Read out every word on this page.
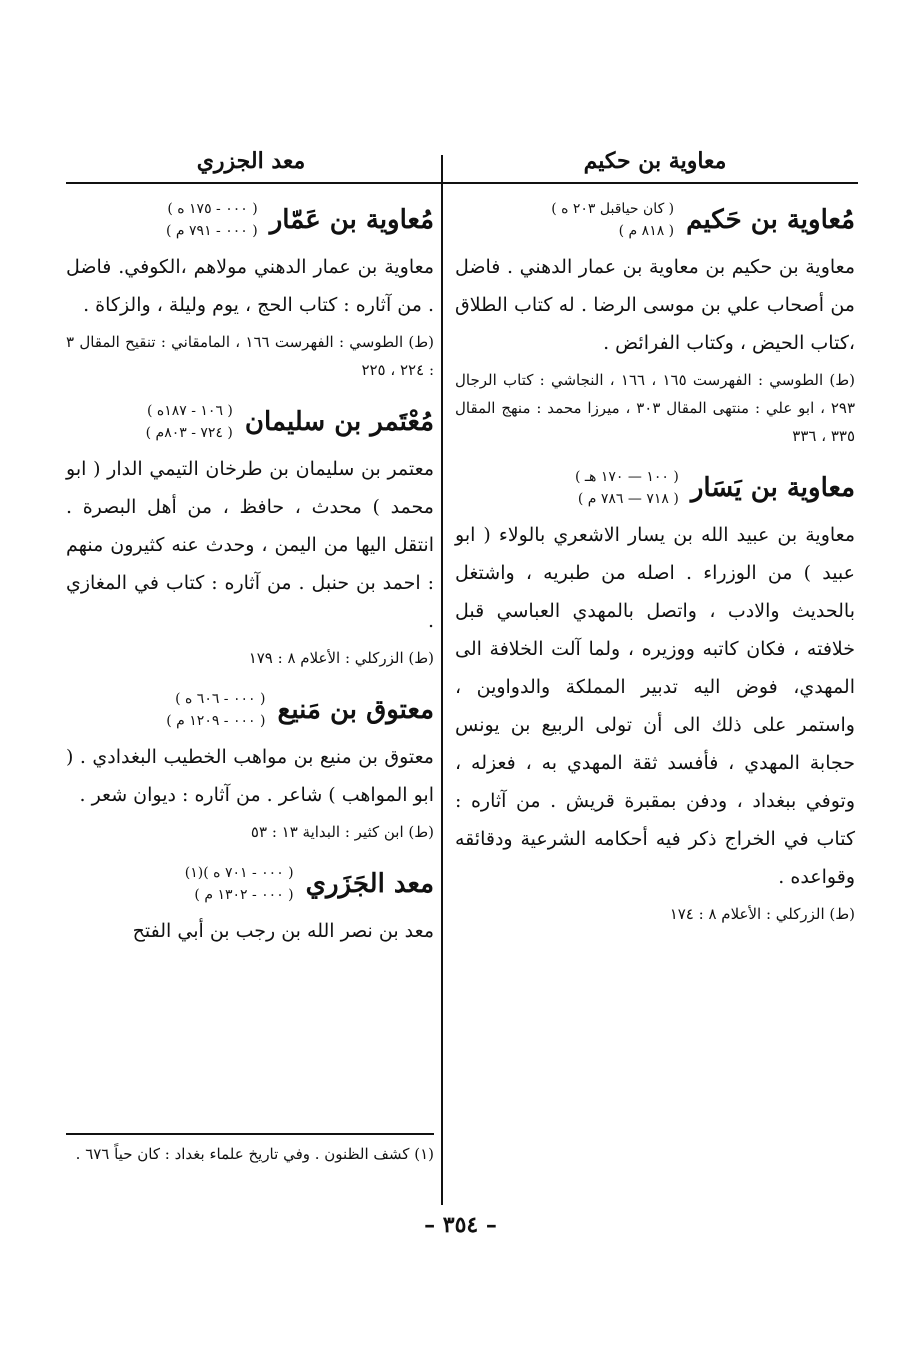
معاوية بن حكيم
معد الجزري
مُعاوية بن حَكيم
( كان حياقبل ٢٠٣ ه )
( ٨١٨ م )

معاوية بن حكيم بن معاوية بن عمار الدهني . فاضل من أصحاب علي بن موسى الرضا . له كتاب الطلاق ،كتاب الحيض ، وكتاب الفرائض .

(ط) الطوسي : الفهرست ١٦٥ ، ١٦٦ ، النجاشي : كتاب الرجال ٢٩٣ ، ابو علي : منتهى المقال ٣٠٣ ، ميرزا محمد : منهج المقال ٣٣٥ ، ٣٣٦

معاوية بن يَسَار
( ١٠٠ — ١٧٠ هـ )
( ٧١٨ — ٧٨٦ م )

معاوية بن عبيد الله بن يسار الاشعري بالولاء ( ابو عبيد ) من الوزراء . اصله من طبريه ، واشتغل بالحديث والادب ، واتصل بالمهدي العباسي قبل خلافته ، فكان كاتبه ووزيره ، ولما آلت الخلافة الى المهدي، فوض اليه تدبير المملكة والدواوين ، واستمر على ذلك الى أن تولى الربيع بن يونس حجابة المهدي ، فأفسد ثقة المهدي به ، فعزله ، وتوفي ببغداد ، ودفن بمقبرة قريش . من آثاره : كتاب في الخراج ذكر فيه أحكامه الشرعية ودقائقه وقواعده .

(ط) الزركلي : الأعلام ٨ : ١٧٤

مُعاوية بن عَمّار
( ٠٠٠ - ١٧٥ ه )
( ٠٠٠ - ٧٩١ م )

معاوية بن عمار الدهني مولاهم ،الكوفي. فاضل . من آثاره : كتاب الحج ، يوم وليلة ، والزكاة .

(ط) الطوسي : الفهرست ١٦٦ ، المامقاني : تنقيح المقال ٣ : ٢٢٤ ، ٢٢٥

مُعْتَمر بن سليمان
( ١٠٦ - ١٨٧ه )
( ٧٢٤ - ٨٠٣م )

معتمر بن سليمان بن طرخان التيمي الدار ( ابو محمد ) محدث ، حافظ ، من أهل البصرة . انتقل اليها من اليمن ، وحدث عنه كثيرون منهم : احمد بن حنبل . من آثاره : كتاب في المغازي .

(ط) الزركلي : الأعلام ٨ : ١٧٩

معتوق بن مَنيع
( ٠٠٠ - ٦٠٦ ه )
( ٠٠٠ - ١٢٠٩ م )

معتوق بن منيع بن مواهب الخطيب البغدادي . ( ابو المواهب ) شاعر . من آثاره : ديوان شعر .

(ط) ابن كثير : البداية ١٣ : ٥٣

معد الجَزَري
( ٠٠٠ - ٧٠١ ه )(١)
( ٠٠٠ - ١٣٠٢ م )

معد بن نصر الله بن رجب بن أبي الفتح

(١) كشف الظنون . وفي تاريخ علماء بغداد : كان حياً ٦٧٦ .
– ٣٥٤ –
